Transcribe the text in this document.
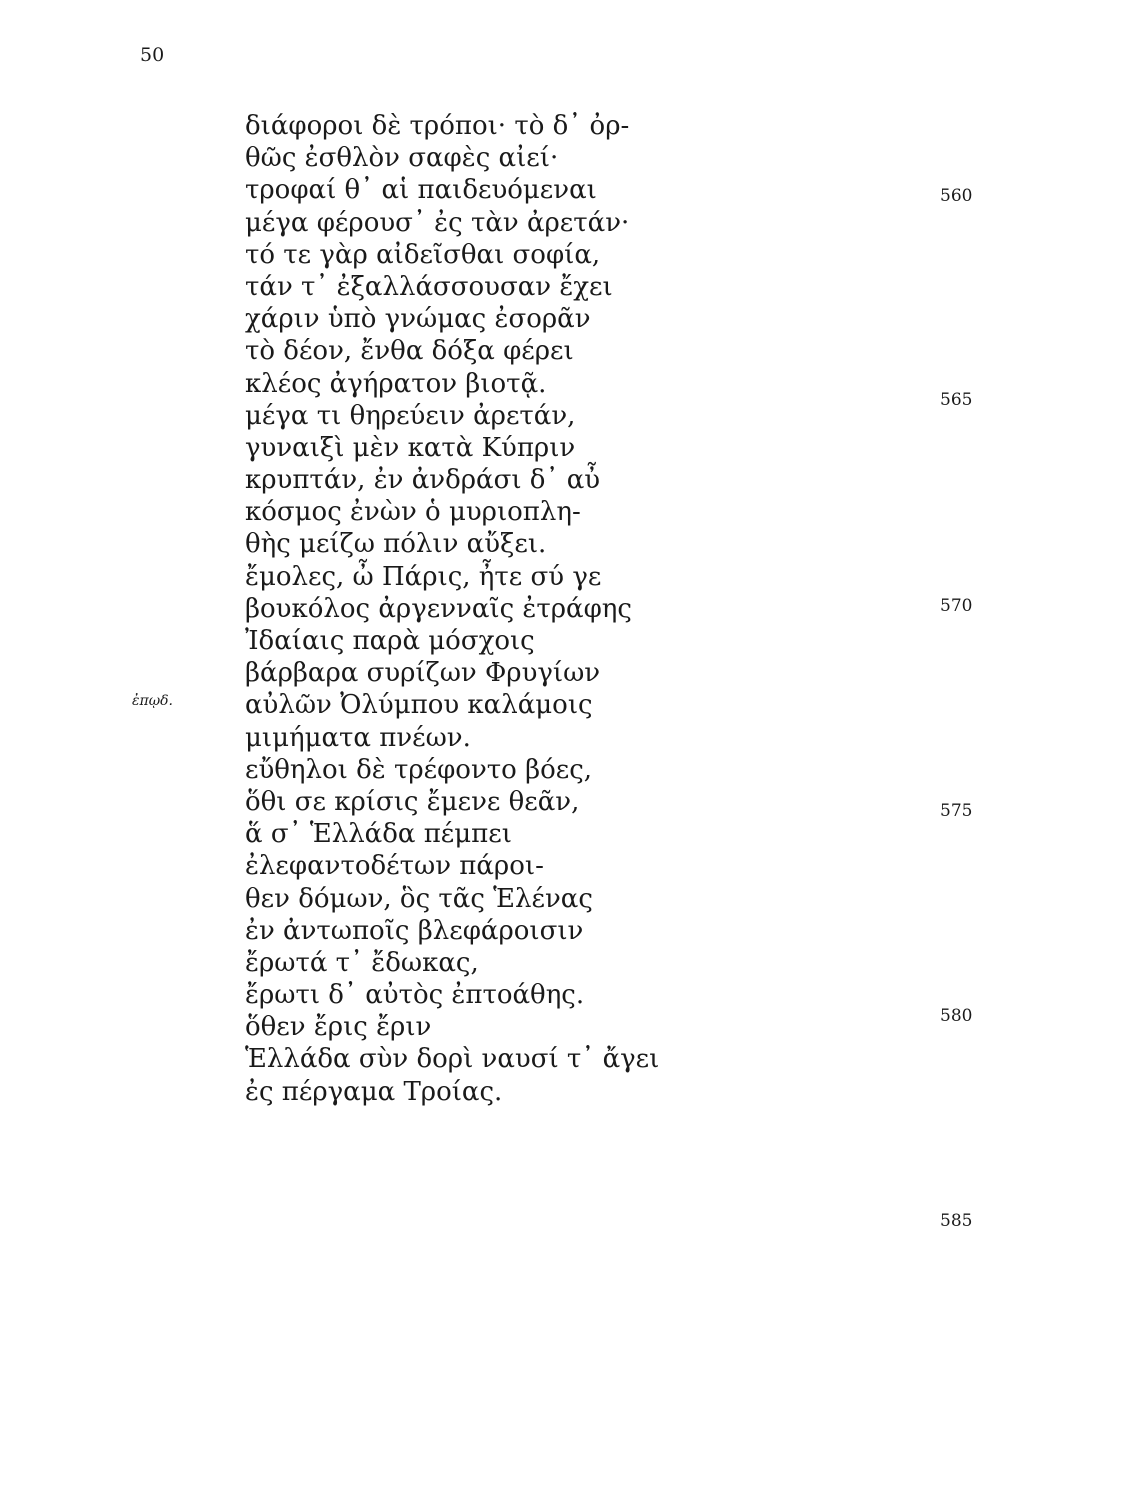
50
ἐπῳδ.
διάφοροι δὲ τρόποι· τὸ δ᾽ ὀρ-
θῶς ἐσθλὸν σαφὲς αἰεί·
τροφαί θ᾽ αἱ παιδευόμεναι
μέγα φέρουσ᾽ ἐς τὰν ἀρετάν·
τό τε γὰρ αἰδεῖσθαι σοφία,
τάν τ᾽ ἐξαλλάσσουσαν ἔχει
χάριν ὑπὸ γνώμας ἐσορᾶν
τὸ δέον, ἔνθα δόξα φέρει
κλέος ἀγήρατον βιοτᾷ.
μέγα τι θηρεύειν ἀρετάν,
γυναιξὶ μὲν κατὰ Κύπριν
κρυπτάν, ἐν ἀνδράσι δ᾽ αὖ
κόσμος ἐνὼν ὁ μυριοπλη-
θὴς μείζω πόλιν αὔξει.
ἔμολες, ὦ Πάρις, ἦτε σύ γε
βουκόλος ἀργενναῖς ἐτράφης
Ἰδαίαις παρὰ μόσχοις
βάρβαρα συρίζων Φρυγίων
αὐλῶν Ὀλύμπου καλάμοις
μιμήματα πνέων.
εὔθηλοι δὲ τρέφοντο βόες,
ὅθι σε κρίσις ἔμενε θεᾶν,
ἅ σ᾽ Ἑλλάδα πέμπει
ἐλεφαντοδέτων πάροι-
θεν δόμων, ὃς τᾶς Ἑλένας
ἐν ἀντωποῖς βλεφάροισιν
ἔρωτά τ᾽ ἔδωκας,
ἔρωτι δ᾽ αὐτὸς ἐπτοάθης.
ὅθεν ἔρις ἔριν
Ἑλλάδα σὺν δορὶ ναυσί τ᾽ ἄγει
ἐς πέργαμα Τροίας.
560
565
570
575
580
585
